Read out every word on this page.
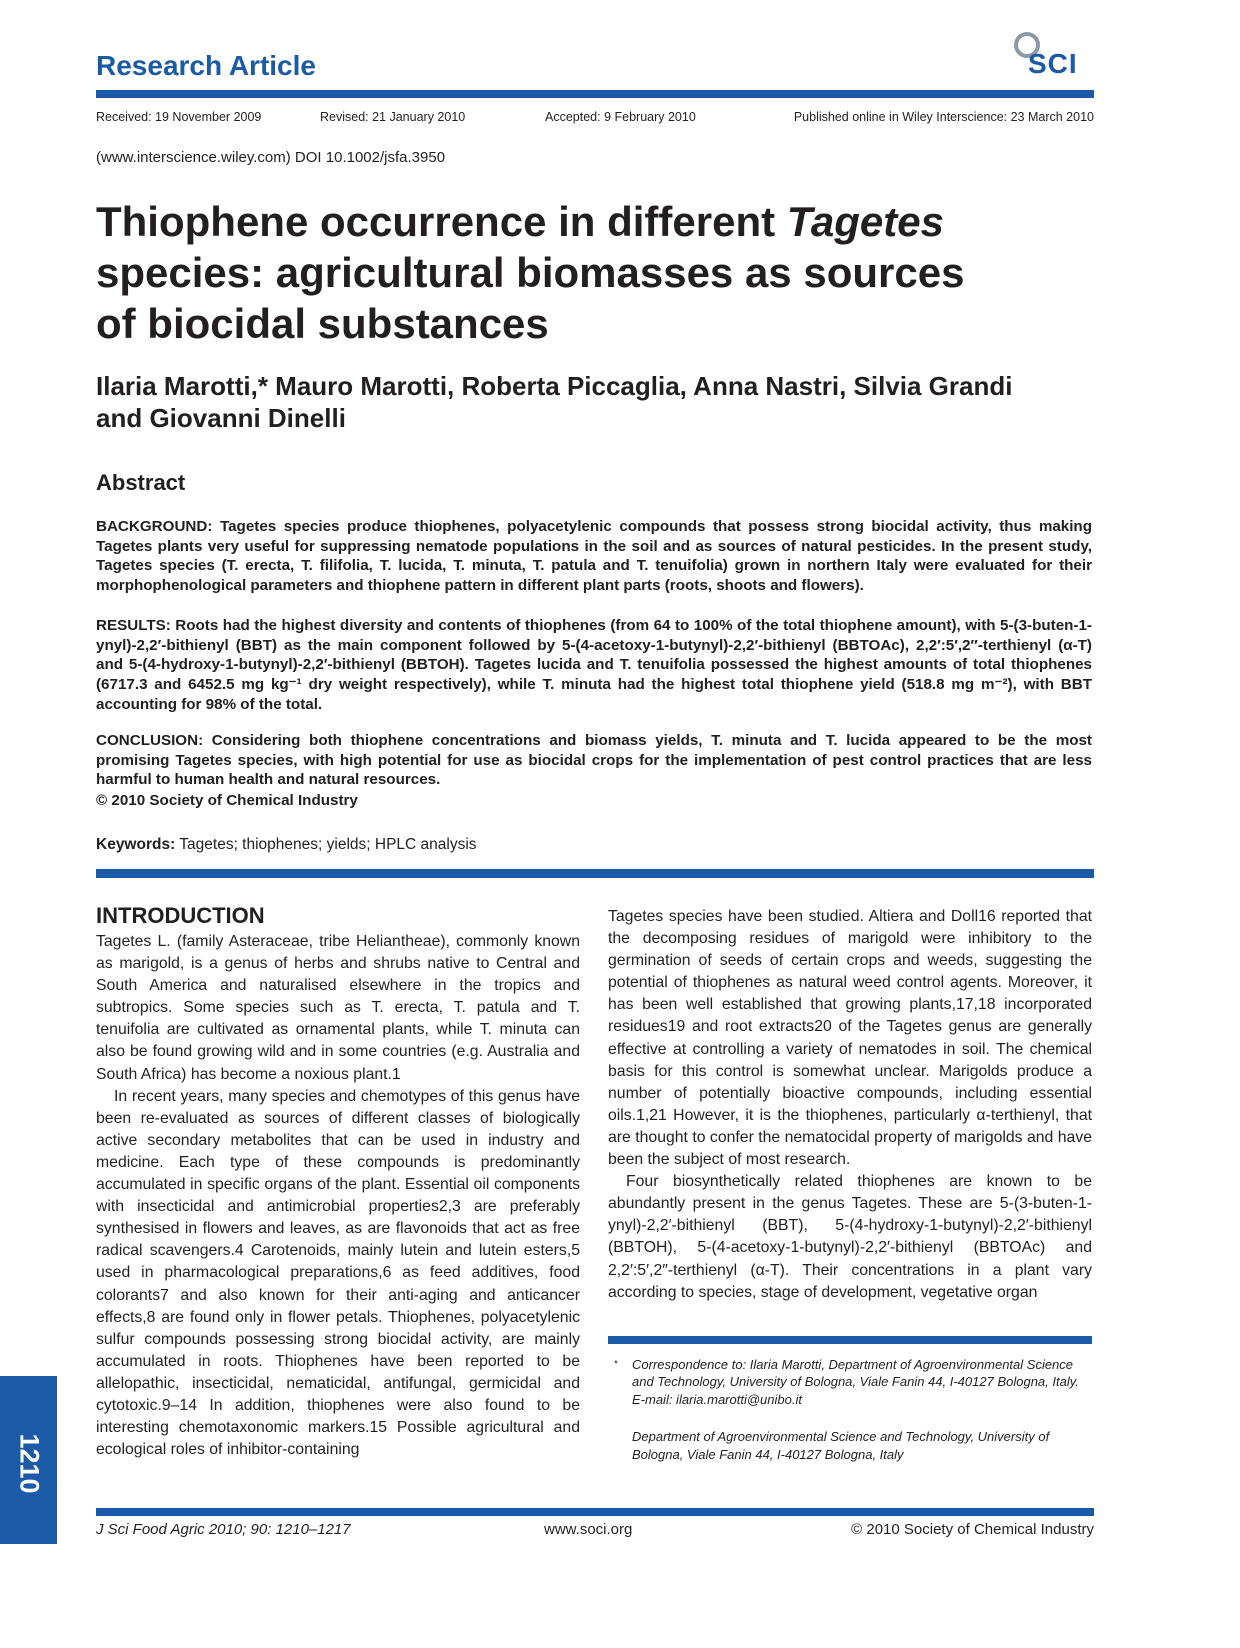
Research Article	SCI
Received: 19 November 2009	Revised: 21 January 2010	Accepted: 9 February 2010	Published online in Wiley Interscience: 23 March 2010
(www.interscience.wiley.com) DOI 10.1002/jsfa.3950
Thiophene occurrence in different Tagetes
species: agricultural biomasses as sources
of biocidal substances
Ilaria Marotti,* Mauro Marotti, Roberta Piccaglia, Anna Nastri, Silvia Grandi
and Giovanni Dinelli
Abstract
BACKGROUND: Tagetes species produce thiophenes, polyacetylenic compounds that possess strong biocidal activity, thus making Tagetes plants very useful for suppressing nematode populations in the soil and as sources of natural pesticides. In the present study, Tagetes species (T. erecta, T. filifolia, T. lucida, T. minuta, T. patula and T. tenuifolia) grown in northern Italy were evaluated for their morphophenological parameters and thiophene pattern in different plant parts (roots, shoots and flowers).
RESULTS: Roots had the highest diversity and contents of thiophenes (from 64 to 100% of the total thiophene amount), with 5-(3-buten-1-ynyl)-2,2′-bithienyl (BBT) as the main component followed by 5-(4-acetoxy-1-butynyl)-2,2′-bithienyl (BBTOAc), 2,2′:5′,2″-terthienyl (α-T) and 5-(4-hydroxy-1-butynyl)-2,2′-bithienyl (BBTOH). Tagetes lucida and T. tenuifolia possessed the highest amounts of total thiophenes (6717.3 and 6452.5 mg kg⁻¹ dry weight respectively), while T. minuta had the highest total thiophene yield (518.8 mg m⁻²), with BBT accounting for 98% of the total.
CONCLUSION: Considering both thiophene concentrations and biomass yields, T. minuta and T. lucida appeared to be the most promising Tagetes species, with high potential for use as biocidal crops for the implementation of pest control practices that are less harmful to human health and natural resources.
© 2010 Society of Chemical Industry
Keywords: Tagetes; thiophenes; yields; HPLC analysis
INTRODUCTION

Tagetes L. (family Asteraceae, tribe Heliantheae), commonly known as marigold, is a genus of herbs and shrubs native to Central and South America and naturalised elsewhere in the tropics and subtropics. Some species such as T. erecta, T. patula and T. tenuifolia are cultivated as ornamental plants, while T. minuta can also be found growing wild and in some countries (e.g. Australia and South Africa) has become a noxious plant.1

In recent years, many species and chemotypes of this genus have been re-evaluated as sources of different classes of biologically active secondary metabolites that can be used in industry and medicine. Each type of these compounds is predominantly accumulated in specific organs of the plant. Essential oil components with insecticidal and antimicrobial properties2,3 are preferably synthesised in flowers and leaves, as are flavonoids that act as free radical scavengers.4 Carotenoids, mainly lutein and lutein esters,5 used in pharmacological preparations,6 as feed additives, food colorants7 and also known for their anti-aging and anticancer effects,8 are found only in flower petals. Thiophenes, polyacetylenic sulfur compounds possessing strong biocidal activity, are mainly accumulated in roots. Thiophenes have been reported to be allelopathic, insecticidal, nematicidal, antifungal, germicidal and cytotoxic.9–14 In addition, thiophenes were also found to be interesting chemotaxonomic markers.15 Possible agricultural and ecological roles of inhibitor-containing

Tagetes species have been studied. Altiera and Doll16 reported that the decomposing residues of marigold were inhibitory to the germination of seeds of certain crops and weeds, suggesting the potential of thiophenes as natural weed control agents. Moreover, it has been well established that growing plants,17,18 incorporated residues19 and root extracts20 of the Tagetes genus are generally effective at controlling a variety of nematodes in soil. The chemical basis for this control is somewhat unclear. Marigolds produce a number of potentially bioactive compounds, including essential oils.1,21 However, it is the thiophenes, particularly α-terthienyl, that are thought to confer the nematocidal property of marigolds and have been the subject of most research.

Four biosynthetically related thiophenes are known to be abundantly present in the genus Tagetes. These are 5-(3-buten-1-ynyl)-2,2′-bithienyl (BBT), 5-(4-hydroxy-1-butynyl)-2,2′-bithienyl (BBTOH), 5-(4-acetoxy-1-butynyl)-2,2′-bithienyl (BBTOAc) and 2,2′:5′,2″-terthienyl (α-T). Their concentrations in a plant vary according to species, stage of development, vegetative organ

* Correspondence to: Ilaria Marotti, Department of Agroenvironmental Science and Technology, University of Bologna, Viale Fanin 44, I-40127 Bologna, Italy. E-mail: ilaria.marotti@unibo.it
Department of Agroenvironmental Science and Technology, University of Bologna, Viale Fanin 44, I-40127 Bologna, Italy
1210
J Sci Food Agric 2010; 90: 1210–1217	www.soci.org	© 2010 Society of Chemical Industry
